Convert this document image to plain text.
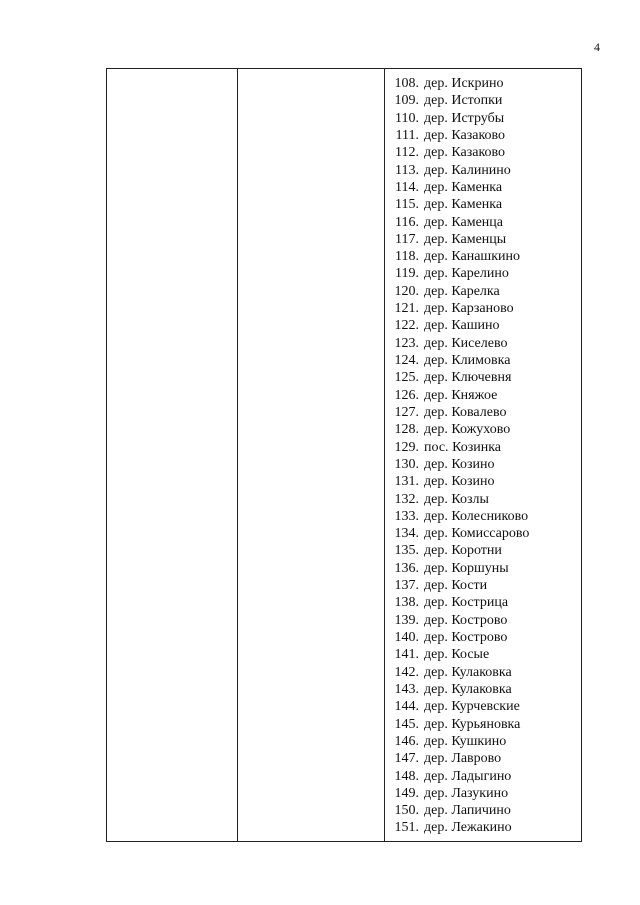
4
108. дер. Искрино
109. дер. Истопки
110. дер. Иструбы
111. дер. Казаково
112. дер. Казаково
113. дер. Калинино
114. дер. Каменка
115. дер. Каменка
116. дер. Каменца
117. дер. Каменцы
118. дер. Канашкино
119. дер. Карелино
120. дер. Карелка
121. дер. Карзаново
122. дер. Кашино
123. дер. Киселево
124. дер. Климовка
125. дер. Ключевня
126. дер. Княжое
127. дер. Ковалево
128. дер. Кожухово
129. пос. Козинка
130. дер. Козино
131. дер. Козино
132. дер. Козлы
133. дер. Колесниково
134. дер. Комиссарово
135. дер. Коротни
136. дер. Коршуны
137. дер. Кости
138. дер. Кострица
139. дер. Кострово
140. дер. Кострово
141. дер. Косые
142. дер. Кулаковка
143. дер. Кулаковка
144. дер. Курчевские
145. дер. Курьяновка
146. дер. Кушкино
147. дер. Лаврово
148. дер. Ладыгино
149. дер. Лазукино
150. дер. Лапичино
151. дер. Лежакино
